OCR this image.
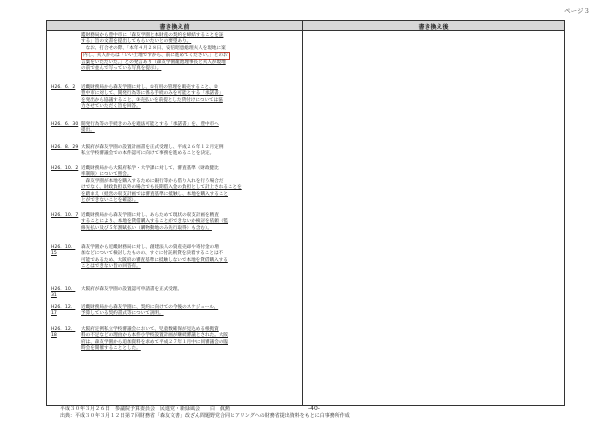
ページ３
書き換え前	書き換え後
鑑財務局から豊中市に「森友学園と本財産の契約を締結することを証
する」旨の文書を提出してもらいたいとの要望あり。
　なお、打合せの際、「本年４月２８日、安倍昭恵総理夫人を現地に案
内し、夫人からは「いい土地ですから、前に進めてください。」とのお
言葉をいただいた。」との発言あり（森友学園籠池理事長と夫人が現地
の前で並んで写っている写真を提示）。
H26．6．2	近畿財務局から森友学園に対し、①有用の管理を販売すること、②
豊中市に対して、開発行為等に係る手続のみを可能とする「承諾書」
を発出から協議すること、③売払いを前提とした貸付けについては協
力させていただく旨を回答。
H26．6．30 開発行為等の手続きのみを適法可能とする「承諾書」を、豊中市へ
提出。
H26．8．29 大阪府が森友学園の設置計画書を正式受理し、平成２６年１２月定例
私立学校審議会での本件認可に向けて事務を進めることを決定。
H26．10．2 近畿財務局から大阪府私学・大学課に対して、審査基準（財政健比
率制限）について照会。
　森友学園が本地を購入するために銀行等から借り入れを行う場合だ
けでなく、財政負担以外の場合でも長期借入金の負担として計上されることを
を踏まえ（経営の収支計画では審査基準に抵触し、本地を購入すること
とができないことを確認）。
H26．10．7 近畿財務局から森友学園に対し、あらためて現状の収支計画を精査
することにより、本地を貸借購入することができないか検討を依頼（監
修先払い及び５年割賦払い（購物動地のみ先行取得）も含む）。
H26．10．15
森友学園から近畿財務局に対し、創建法人の資産売却や寄付金の増
加などについて検討したものの、すぐに付託則貸を決着することは不
可能であるため、大阪府の審査基準に抵触しないで本地を貸借購入する
ことはできない旨の回答有。
H26．10．31
大阪府が森友学園の設置認可申請書を正式受理。
H26．12．17
近畿財務局から森友学園に、契約に向けての今後のスケジュール、
予算している契約書式等について説明。
H26．12．18
大阪府定例私立学校審議会において、児童数確保が見込める根拠資
料の不足などの理由から本件小学校設置計画が継続審議とされた。大阪
府は、森友学園から追加資料を求めて平成２７年１月中に同審議会の臨
時会を開催することとした。
平成３０年３月２６日　参議院予算委員会　民進党・新緑風会　　白　眞勲	-40-
出典：平成３０年３月１２日第７回財務省「森友文書」改ざん問題野党合同ヒアリングへの財務省提出資料をもとに白事務所作成
